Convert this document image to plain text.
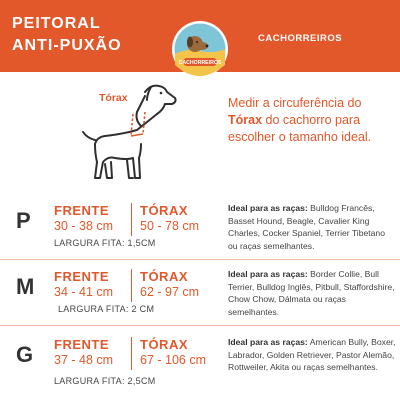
PEITORAL
ANTI-PUXÃO	CACHORREIROS
CACHORREIROS
Tórax	Medir a circuferência do Tórax do cachorro para escolher o tamanho ideal.
P FRENTE
30 - 38 cm
TÓRAX
50 - 78 cm
LARGURA FITA: 1,5CM
Ideal para as raças: Bulldog Francês, Basset Hound, Beagle, Cavalier King Charles, Cocker Spaniel, Terrier Tibetano ou raças semelhantes.
M FRENTE
34 - 41 cm
TÓRAX
62 - 97 cm
LARGURA FITA: 2 CM
Ideal para as raças: Border Collie, Bull Terrier, Bulldog Inglês, Pitbull, Staffordshire, Chow Chow, Dálmata ou raças semelhantes.
G FRENTE
37 - 48 cm
TÓRAX
67 - 106 cm
LARGURA FITA: 2,5CM
Ideal para as raças: American Bully, Boxer, Labrador, Golden Retriever, Pastor Alemão, Rottweiler, Akita ou raças semelhantes.
